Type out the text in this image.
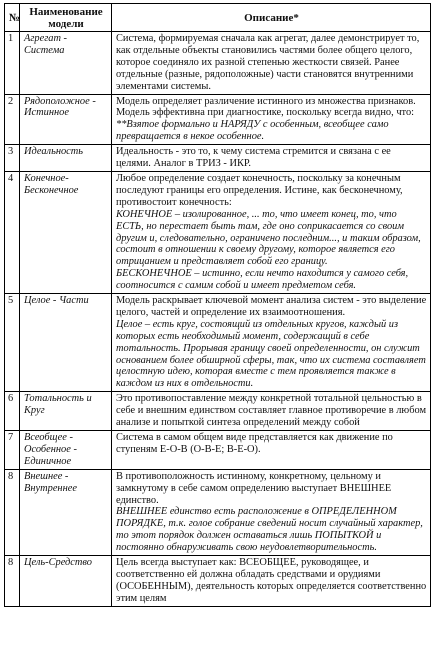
№	Наименование модели	Описание*
1	Агрегат - Система	Система, формируемая сначала как агрегат, далее демонстрирует то, как отдельные объекты становились частями более общего целого, которое соединяло их разной степенью жесткости связей. Ранее отдельные (разные, рядоположные) части становятся внутренними элементами системы.

2	Рядоположное - Истинное	Модель определяет различение истинного из множества признаков. Модель эффективна при диагностике, поскольку всегда видно, что:
**Взятое формально и НАРЯДУ с особенным, всеобщее само превращается в некое особенное.

3	Идеальность	Идеальность - это то, к чему система стремится и связана с ее целями. Аналог в ТРИЗ - ИКР.

4	Конечное-Бесконечное	Любое определение создает конечность, поскольку за конечным последуют границы его определения. Истине, как бесконечному, противостоит конечность:
КОНЕЧНОЕ – изолированное, ... то, что имеет конец, то, что ЕСТЬ, но перестает быть там, где оно соприкасается со своим другим и, следовательно, ограничено последним..., и таким образом, состоит в отношении к своему другому, которое является его отрицанием и представляет собой его границу.
БЕСКОНЕЧНОЕ – истинно, если нечто находится у самого себя, соотносится с самим собой и имеет предметом себя.

5	Целое - Части	Модель раскрывает ключевой момент анализа систем - это выделение целого, частей и определение их взаимоотношения.
Целое – есть круг, состоящий из отдельных кругов, каждый из которых есть необходимый момент, содержащий в себе тотальность. Прорывая границу своей определенности, он служит основанием более обширной сферы, так, что их система составляет целостную идею, которая вместе с тем проявляется также в каждом из них в отдельности.

6	Тотальность и Круг	Это противопоставление между конкретной тотальной цельностью в себе и внешним единством составляет главное противоречие в любом анализе и попыткой синтеза определений между собой

7	Всеобщее - Особенное - Единичное	Система в самом общем виде представляется как движение по ступеням Е-О-В (О-В-Е; В-Е-О).

8	Внешнее - Внутреннее	В противоположность истинному, конкретному, цельному и замкнутому в себе самом определению выступает ВНЕШНЕЕ единство.
ВНЕШНЕЕ единство есть расположение в ОПРЕДЕЛЕННОМ ПОРЯДКЕ, т.к. голое собрание сведений носит случайный характер, то этот порядок должен оставаться лишь ПОПЫТКОЙ и постоянно обнаруживать свою неудовлетворительность.

8	Цель-Средство	Цель всегда выступает как: ВСЕОБЩЕЕ, руководящее, и соответственно ей должна обладать средствами и орудиями (ОСОБЕННЫМ), деятельность которых определяется соответственно этим целям
